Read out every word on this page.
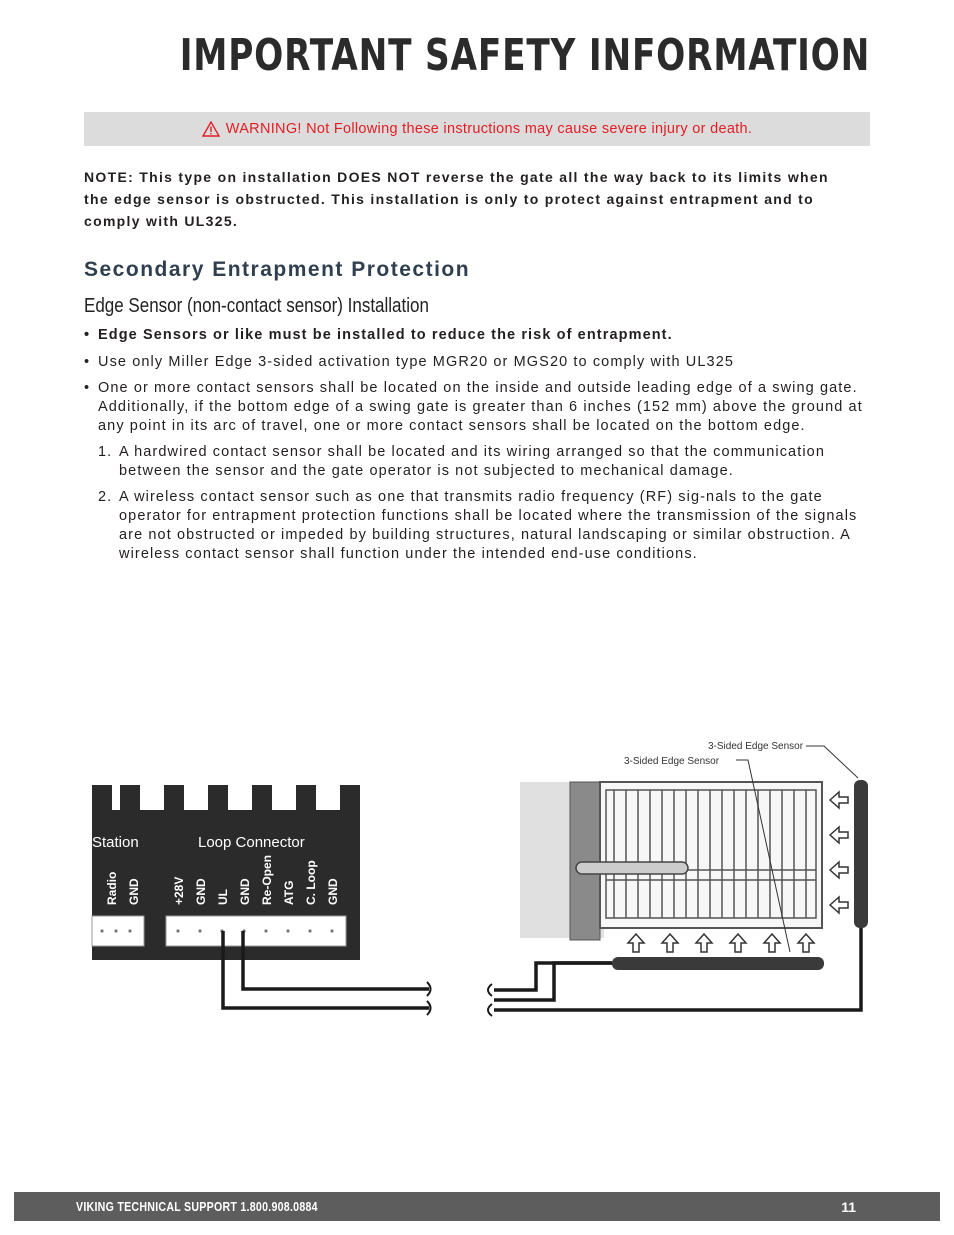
IMPORTANT SAFETY INFORMATION
WARNING! Not Following these instructions may cause severe injury or death.
NOTE: This type on installation DOES NOT reverse the gate all the way back to its limits when the edge sensor is obstructed. This installation is only to protect against entrapment and to comply with UL325.
Secondary Entrapment Protection
Edge Sensor (non-contact sensor) Installation
• Edge Sensors or like must be installed to reduce the risk of entrapment.
• Use only Miller Edge 3-sided activation type MGR20 or MGS20 to comply with UL325
• One or more contact sensors shall be located on the inside and outside leading edge of a swing gate. Additionally, if the bottom edge of a swing gate is greater than 6 inches (152 mm) above the ground at any point in its arc of travel, one or more contact sensors shall be located on the bottom edge.
1. A hardwired contact sensor shall be located and its wiring arranged so that the communication between the sensor and the gate operator is not subjected to mechanical damage.
2. A wireless contact sensor such as one that transmits radio frequency (RF) sig-nals to the gate operator for entrapment protection functions shall be located where the transmission of the signals are not obstructed or impeded by building structures, natural landscaping or similar obstruction. A wireless contact sensor shall function under the intended end-use conditions.
Station	Loop Connector
Radio GND	+28V GND UL GND Re-Open ATG C. Loop GND
3-Sided Edge Sensor
3-Sided Edge Sensor
VIKING TECHNICAL SUPPORT 1.800.908.0884	11
